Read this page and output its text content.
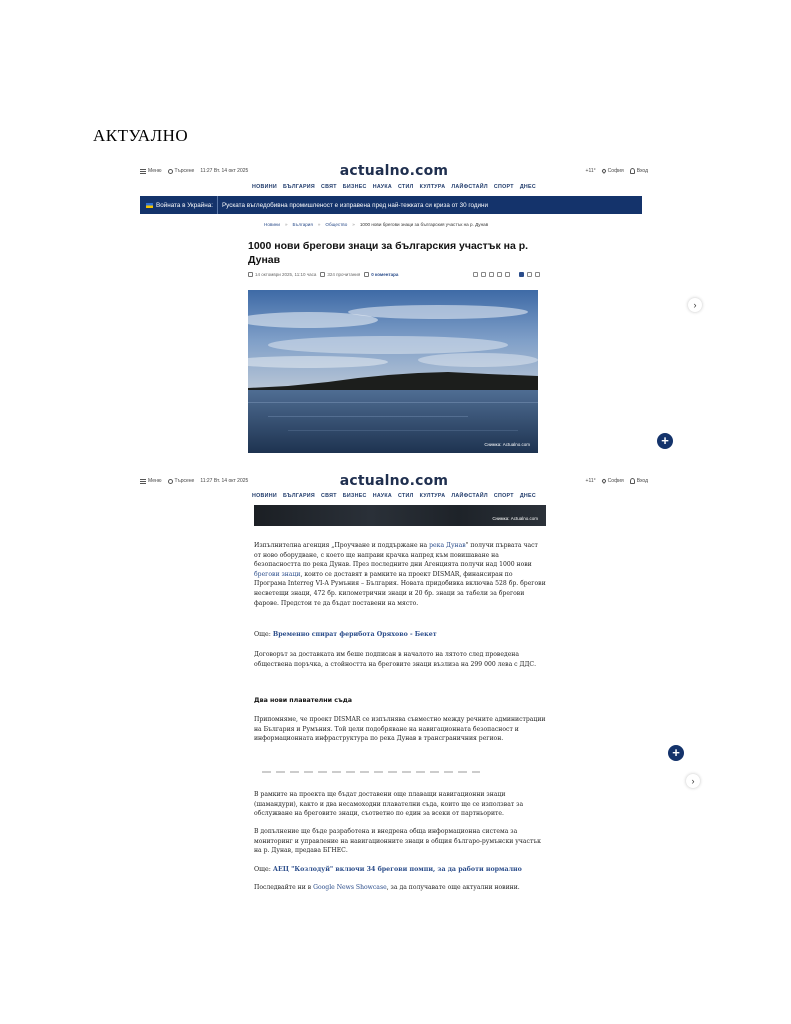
АКТУАЛНО
Меню	Търсене 11:27 Вт. 14 окт 2025	actualno.com	+11° София	Вход
НОВИНИ БЪЛГАРИЯ СВЯТ БИЗНЕС НАУКА СТИЛ КУЛТУРА ЛАЙФСТАЙЛ СПОРТ ДНЕС
Войната в Украйна:	Руската въгледобивна промишленост е изправена пред най-тежката си криза от 30 години
Новини » България » Общество » 1000 нови брегови знаци за българския участък на р. Дунав
1000 нови брегови знаци за българския участък на р. Дунав
14 октомври 2025, 11:10 часа 324 прочитания 0 коментара
Снимка: Actualno.com
›
+
Меню	Търсене 11:27 Вт. 14 окт 2025	actualno.com	+11° София	Вход
НОВИНИ БЪЛГАРИЯ СВЯТ БИЗНЕС НАУКА СТИЛ КУЛТУРА ЛАЙФСТАЙЛ СПОРТ ДНЕС
Снимка: Actualno.com

Изпълнителна агенция „Проучване и поддържане на река Дунав" получи първата част от ново оборудване, с което ще направи крачка напред към повишаване на безопасността по река Дунав. През последните дни Агенцията получи над 1000 нови брегови знаци, които се доставят в рамките на проект DISMAR, финансиран по Програма Interreg VI-A Румъния – България. Новата придобивка включва 528 бр. брегови несветещи знаци, 472 бр. километрични знаци и 20 бр. знаци за табели за брегови фарове. Предстои те да бъдат поставени на място.

Още: Временно спират ферибота Оряхово - Бекет

Договорът за доставката им беше подписан в началото на лятото след проведена обществена поръчка, а стойността на бреговите знаци възлиза на 299 000 лева с ДДС.

Два нови плавателни съда

Припомняме, че проект DISMAR се изпълнява съвместно между речните администрации на България и Румъния. Той цели подобряване на навигационната безопасност и информационната инфраструктура по река Дунав в трансграничния регион.

+
›

В рамките на проекта ще бъдат доставени още плаващи навигационни знаци (шамандури), както и два несамоходни плавателни съда, които ще се използват за обслужване на бреговите знаци, съответно по един за всеки от партньорите.

В допълнение ще бъде разработена и внедрена обща информационна система за мониторинг и управление на навигационните знаци в общия българо-румънски участък на р. Дунав, предава БГНЕС.

Още: АЕЦ "Козлодуй" включи 34 брегови помпи, за да работи нормално

Последвайте ни в Google News Showcase, за да получавате още актуални новини.
